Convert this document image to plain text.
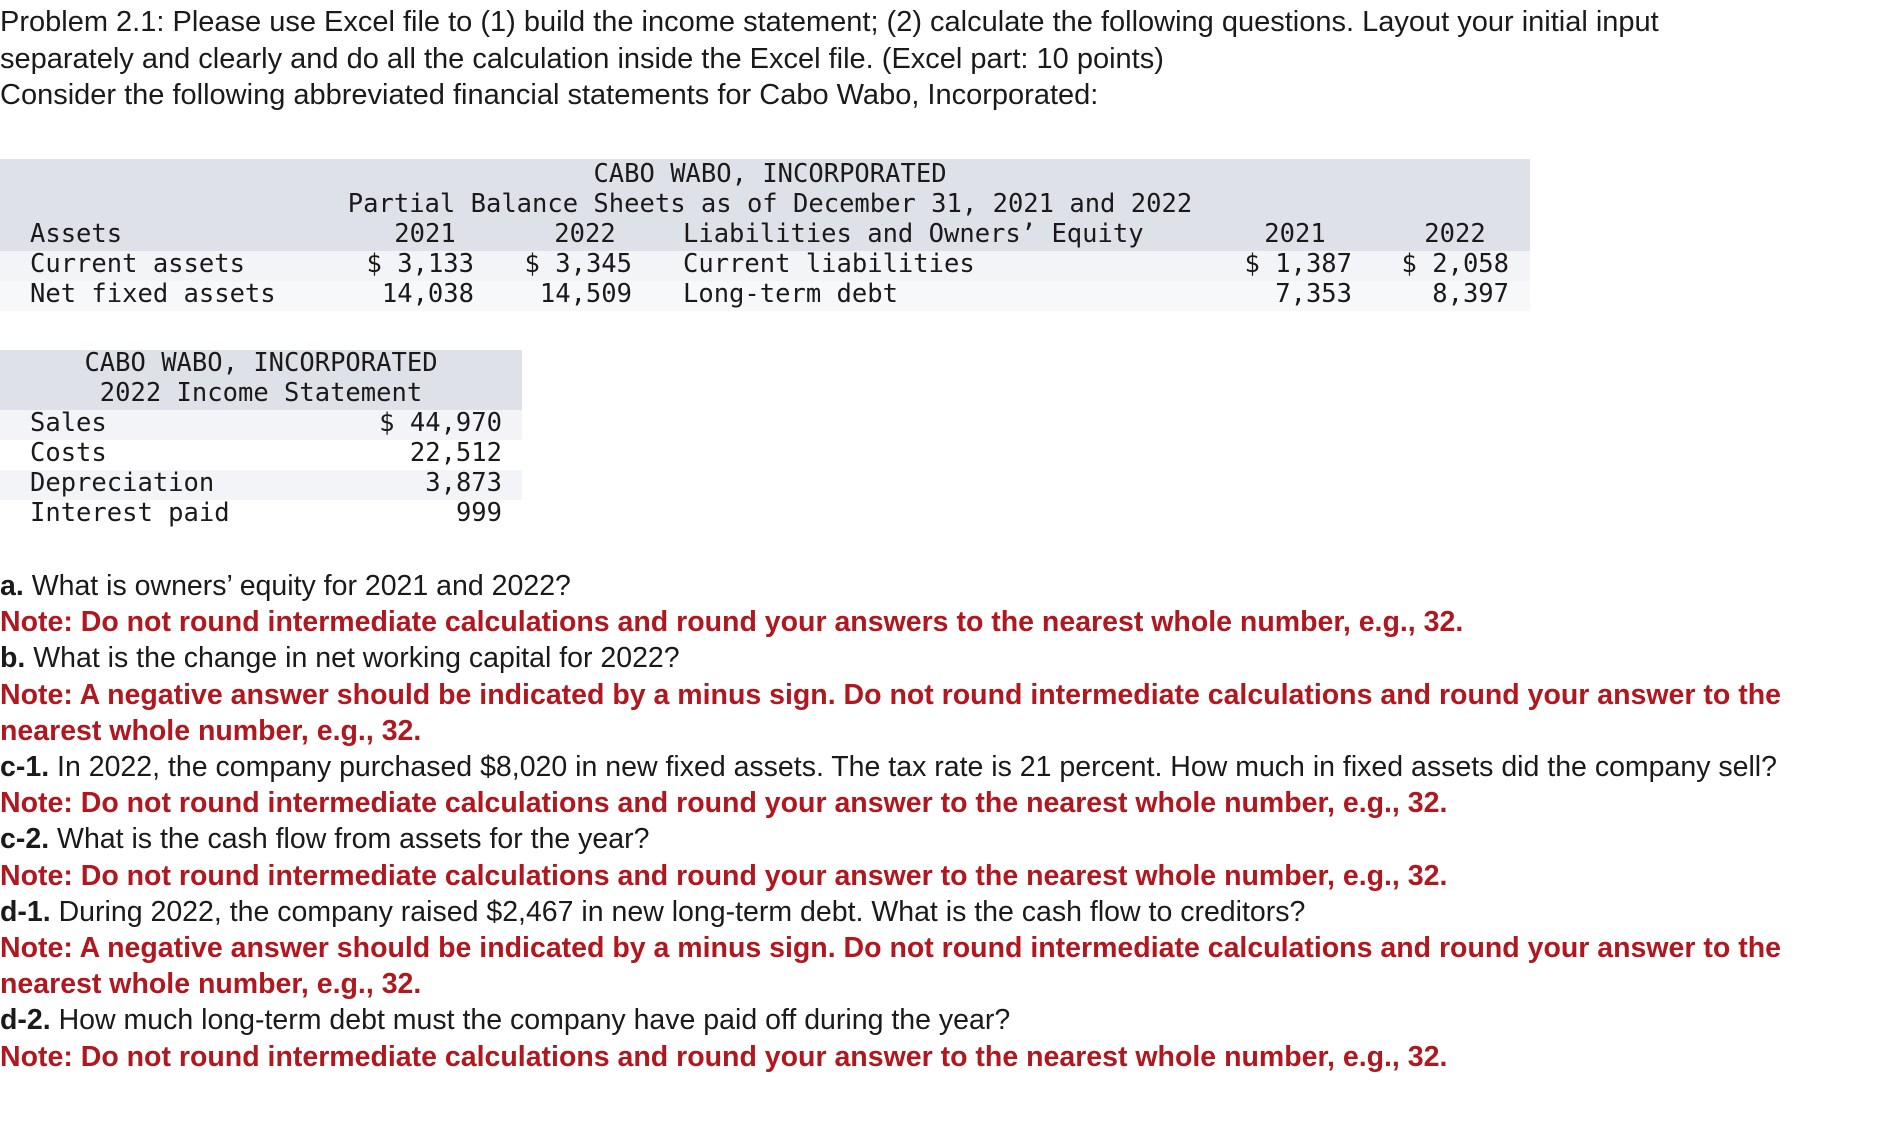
Problem 2.1: Please use Excel file to (1) build the income statement; (2) calculate the following questions. Layout your initial input
separately and clearly and do all the calculation inside the Excel file. (Excel part: 10 points)
Consider the following abbreviated financial statements for Cabo Wabo, Incorporated:
CABO WABO, INCORPORATED
Partial Balance Sheets as of December 31, 2021 and 2022
Assets	2021	2022	Liabilities and Owners’ Equity	2021	2022
Current assets	$ 3,133	$ 3,345 Current liabilities	$ 1,387	$ 2,058
Net fixed assets	14,038	14,509 Long-term debt	7,353	8,397
CABO WABO, INCORPORATED
2022 Income Statement
Sales	$ 44,970
Costs	22,512
Depreciation	3,873
Interest paid	999
a. What is owners’ equity for 2021 and 2022?
Note: Do not round intermediate calculations and round your answers to the nearest whole number, e.g., 32.
b. What is the change in net working capital for 2022?
Note: A negative answer should be indicated by a minus sign. Do not round intermediate calculations and round your answer to the nearest whole number, e.g., 32.
c-1. In 2022, the company purchased $8,020 in new fixed assets. The tax rate is 21 percent. How much in fixed assets did the company sell?
Note: Do not round intermediate calculations and round your answer to the nearest whole number, e.g., 32.
c-2. What is the cash flow from assets for the year?
Note: Do not round intermediate calculations and round your answer to the nearest whole number, e.g., 32.
d-1. During 2022, the company raised $2,467 in new long-term debt. What is the cash flow to creditors?
Note: A negative answer should be indicated by a minus sign. Do not round intermediate calculations and round your answer to the nearest whole number, e.g., 32.
d-2. How much long-term debt must the company have paid off during the year?
Note: Do not round intermediate calculations and round your answer to the nearest whole number, e.g., 32.
